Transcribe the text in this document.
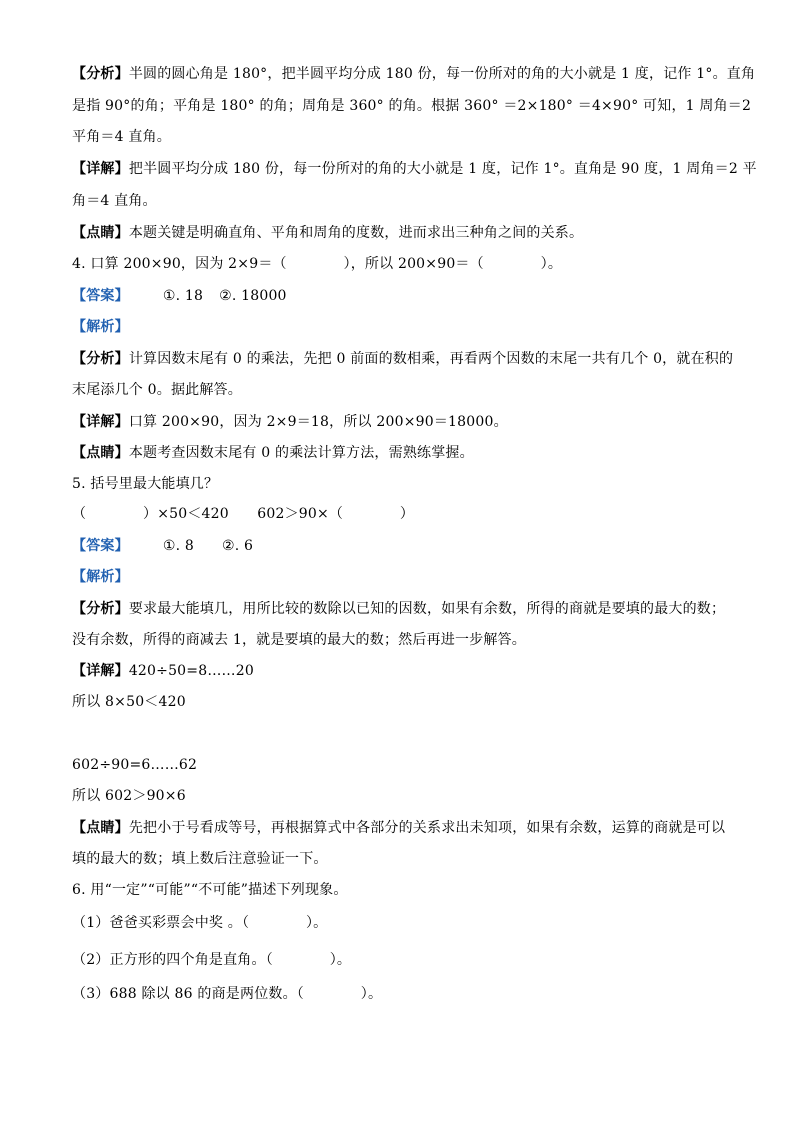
【分析】半圆的圆心角是 180°，把半圆平均分成 180 份，每一份所对的角的大小就是 1 度，记作 1°。直角
是指 90°的角；平角是 180° 的角；周角是 360° 的角。根据 360° ＝2×180° ＝4×90° 可知，1 周角＝2
平角＝4 直角。
【详解】把半圆平均分成 180 份，每一份所对的角的大小就是 1 度，记作 1°。直角是 90 度，1 周角＝2 平
角＝4 直角。
【点睛】本题关键是明确直角、平角和周角的度数，进而求出三种角之间的关系。
4. 口算 200×90，因为 2×9＝（　　　　），所以 200×90＝（　　　　）。
【答案】 ①. 18 ②. 18000
【解析】
【分析】计算因数末尾有 0 的乘法，先把 0 前面的数相乘，再看两个因数的末尾一共有几个 0，就在积的
末尾添几个 0。据此解答。
【详解】口算 200×90，因为 2×9＝18，所以 200×90＝18000。
【点睛】本题考查因数末尾有 0 的乘法计算方法，需熟练掌握。
5. 括号里最大能填几？
（　　　　）×50＜420　　602＞90×（　　　　）
【答案】 ①. 8 ②. 6
【解析】
【分析】要求最大能填几，用所比较的数除以已知的因数，如果有余数，所得的商就是要填的最大的数；
没有余数，所得的商减去 1，就是要填的最大的数；然后再进一步解答。
【详解】420÷50=8……20
所以 8×50＜420
602÷90=6……62
所以 602＞90×6
【点睛】先把小于号看成等号，再根据算式中各部分的关系求出未知项，如果有余数，运算的商就是可以
填的最大的数；填上数后注意验证一下。
6. 用“一定”“可能”“不可能”描述下列现象。
（1）爸爸买彩票会中奖 。（　　　　）。
（2）正方形的四个角是直角。（　　　　）。
（3）688 除以 86 的商是两位数。（　　　　）。
